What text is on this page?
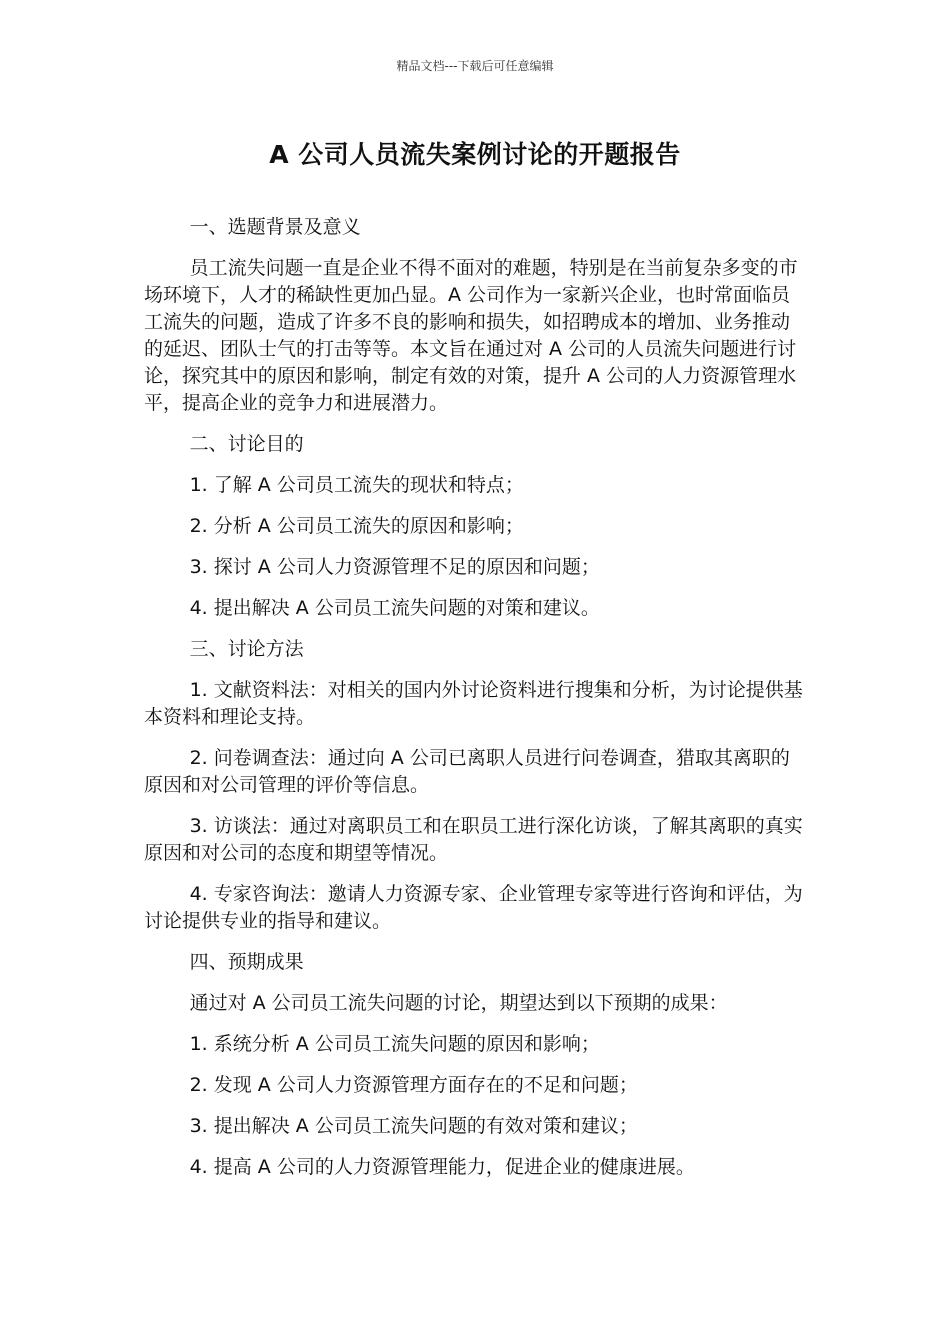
精品文档---下载后可任意编辑
A 公司人员流失案例讨论的开题报告

一、选题背景及意义

员工流失问题一直是企业不得不面对的难题，特别是在当前复杂多变的市场环境下，人才的稀缺性更加凸显。A 公司作为一家新兴企业，也时常面临员工流失的问题，造成了许多不良的影响和损失，如招聘成本的增加、业务推动的延迟、团队士气的打击等等。本文旨在通过对 A 公司的人员流失问题进行讨论，探究其中的原因和影响，制定有效的对策，提升 A 公司的人力资源管理水平，提高企业的竞争力和进展潜力。

二、讨论目的

1. 了解 A 公司员工流失的现状和特点；

2. 分析 A 公司员工流失的原因和影响；

3. 探讨 A 公司人力资源管理不足的原因和问题；

4. 提出解决 A 公司员工流失问题的对策和建议。

三、讨论方法

1. 文献资料法：对相关的国内外讨论资料进行搜集和分析，为讨论提供基本资料和理论支持。

2. 问卷调查法：通过向 A 公司已离职人员进行问卷调查，猎取其离职的原因和对公司管理的评价等信息。

3. 访谈法：通过对离职员工和在职员工进行深化访谈，了解其离职的真实原因和对公司的态度和期望等情况。

4. 专家咨询法：邀请人力资源专家、企业管理专家等进行咨询和评估，为讨论提供专业的指导和建议。

四、预期成果

通过对 A 公司员工流失问题的讨论，期望达到以下预期的成果：

1. 系统分析 A 公司员工流失问题的原因和影响；

2. 发现 A 公司人力资源管理方面存在的不足和问题；

3. 提出解决 A 公司员工流失问题的有效对策和建议；

4. 提高 A 公司的人力资源管理能力，促进企业的健康进展。
